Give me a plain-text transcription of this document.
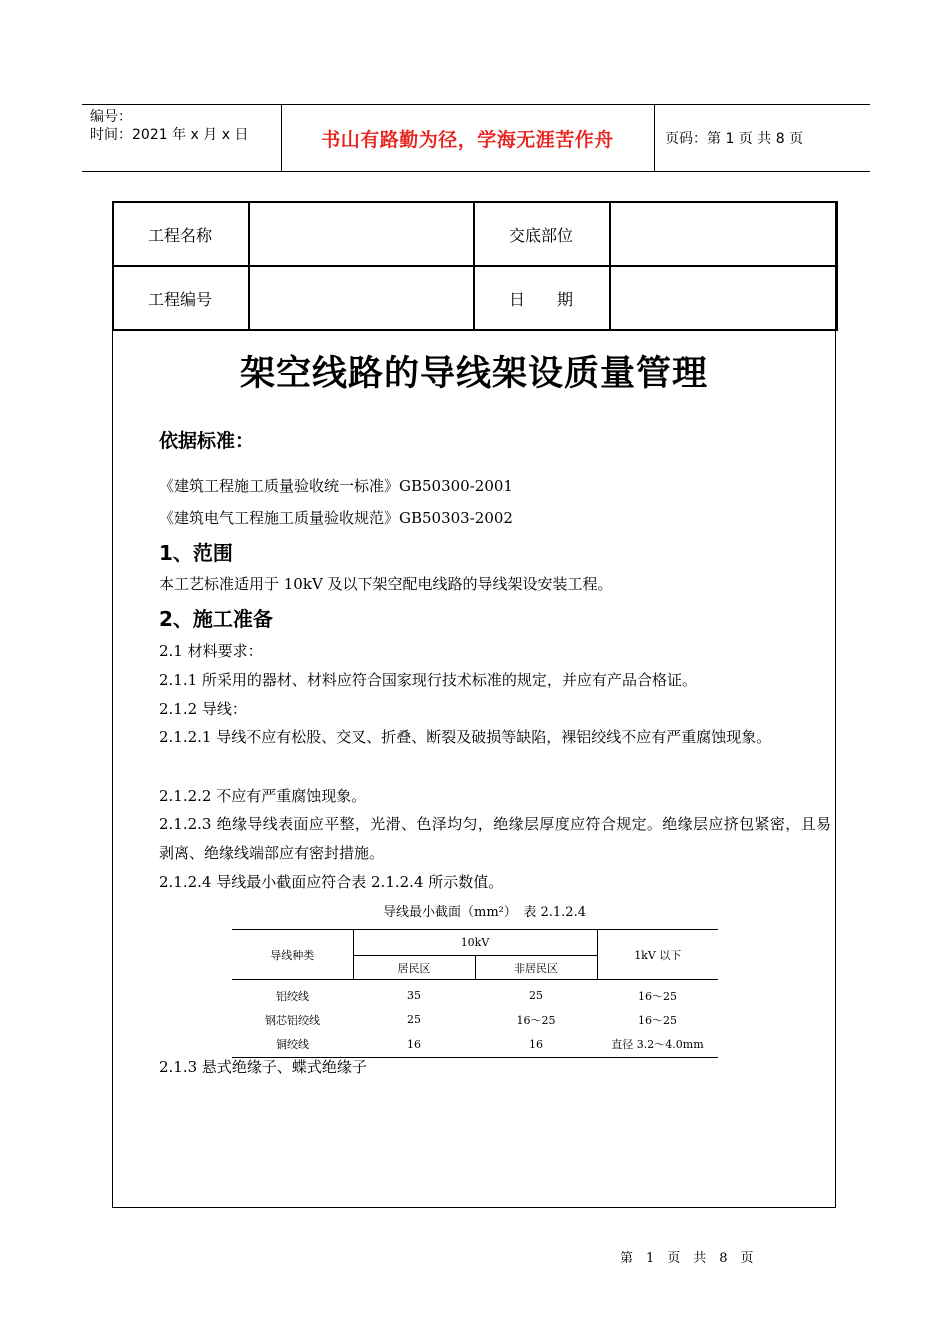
编号：
时间：2021 年 x 月 x 日	书山有路勤为径，学海无涯苦作舟	页码：第 1 页 共 8 页
工程名称		交底部位	
工程编号		日　　期	
架空线路的导线架设质量管理
依据标准：

《建筑工程施工质量验收统一标准》GB50300-2001

《建筑电气工程施工质量验收规范》GB50303-2002

1、范围

本工艺标准适用于 10kV 及以下架空配电线路的导线架设安装工程。

2、施工准备

2.1 材料要求：

2.1.1 所采用的器材、材料应符合国家现行技术标准的规定，并应有产品合格证。

2.1.2 导线：

2.1.2.1 导线不应有松股、交叉、折叠、断裂及破损等缺陷，裸铝绞线不应有严重腐蚀现象。

2.1.2.2 不应有严重腐蚀现象。

2.1.2.3 绝缘导线表面应平整，光滑、色泽均匀，绝缘层厚度应符合规定。绝缘层应挤包紧密，且易剥离、绝缘线端部应有密封措施。

2.1.2.4 导线最小截面应符合表 2.1.2.4 所示数值。

2.1.3 悬式绝缘子、蝶式绝缘子

导线最小截面（mm²）　表 2.1.2.4
导线种类	10kV		1kV 以下
	居民区	非居民区	
铝绞线	35	25	16～25
钢芯铝绞线	25	16～25	16～25
铜绞线	16	16	直径 3.2～4.0mm
第　1　页　共　8　页
